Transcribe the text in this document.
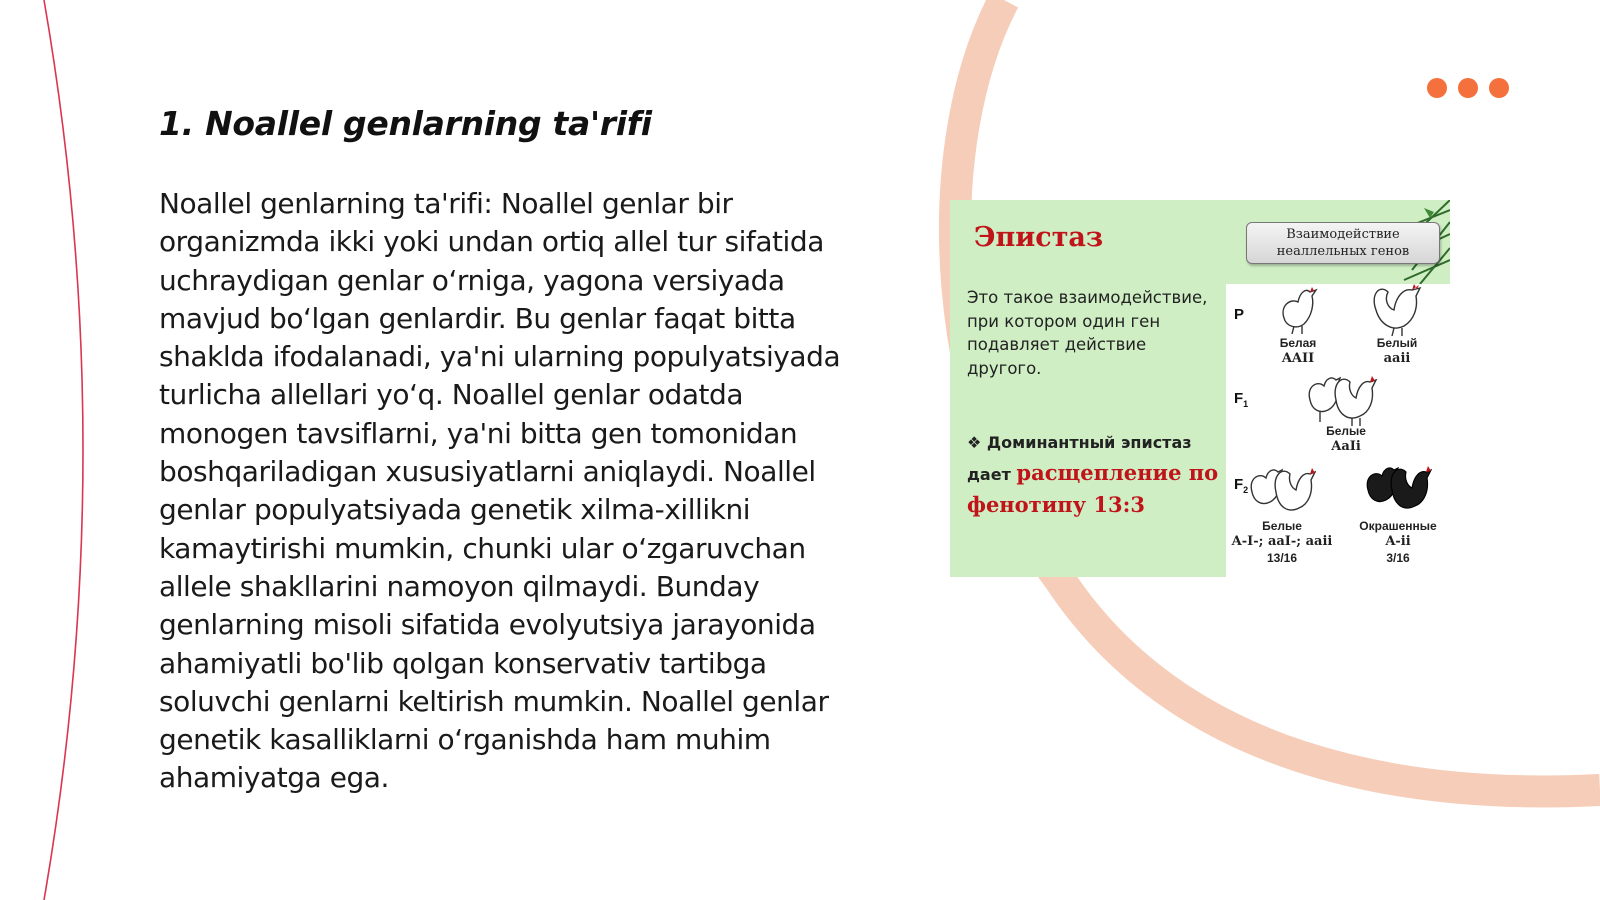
1. Noallel genlarning ta'rifi

Noallel genlarning ta'rifi: Noallel genlar bir organizmda ikki yoki undan ortiq allel tur sifatida uchraydigan genlar o‘rniga, yagona versiyada mavjud bo‘lgan genlardir. Bu genlar faqat bitta shaklda ifodalanadi, ya'ni ularning populyatsiyada turlicha allellari yo‘q. Noallel genlar odatda monogen tavsiflarni, ya'ni bitta gen tomonidan boshqariladigan xususiyatlarni aniqlaydi. Noallel genlar populyatsiyada genetik xilma-xillikni kamaytirishi mumkin, chunki ular o‘zgaruvchan allele shakllarini namoyon qilmaydi. Bunday genlarning misoli sifatida evolyutsiya jarayonida ahamiyatli bo'lib qolgan konservativ tartibga soluvchi genlarni keltirish mumkin. Noallel genlar genetik kasalliklarni o‘rganishda ham muhim ahamiyatga ega.

Эпистаз	Взаимодействие
неаллельных генов
Это такое взаимодействие, при котором один ген подавляет действие другого.
❖ Доминантный эпистаз дает расщепление по фенотипу 13:3
P
$F_1$
$F_2$
Белая
AAII
Белый
aaii
Белые
AaIi
Белые
A-I-; aaI-; aaii
13/16
Окрашенные
A-ii
3/16
